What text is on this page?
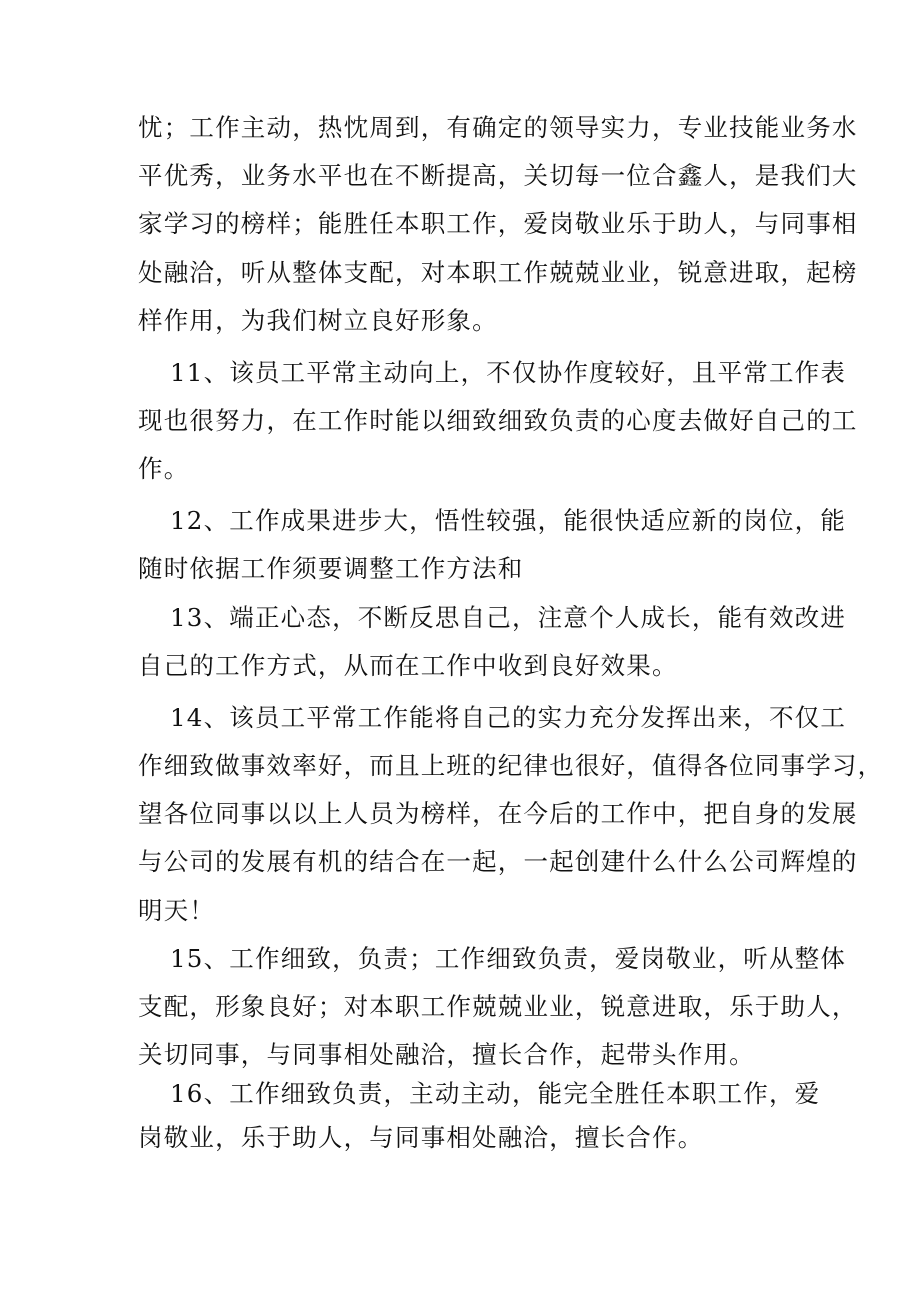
忧；工作主动，热忱周到，有确定的领导实力，专业技能业务水
平优秀，业务水平也在不断提高，关切每一位合鑫人，是我们大
家学习的榜样；能胜任本职工作，爱岗敬业乐于助人，与同事相
处融洽，听从整体支配，对本职工作兢兢业业，锐意进取，起榜
样作用，为我们树立良好形象。
11、该员工平常主动向上，不仅协作度较好，且平常工作表
现也很努力，在工作时能以细致细致负责的心度去做好自己的工
作。
12、工作成果进步大，悟性较强，能很快适应新的岗位，能
随时依据工作须要调整工作方法和
13、端正心态，不断反思自己，注意个人成长，能有效改进
自己的工作方式，从而在工作中收到良好效果。
14、该员工平常工作能将自己的实力充分发挥出来，不仅工
作细致做事效率好，而且上班的纪律也很好，值得各位同事学习，
望各位同事以以上人员为榜样，在今后的工作中，把自身的发展
与公司的发展有机的结合在一起，一起创建什么什么公司辉煌的
明天！
15、工作细致，负责；工作细致负责，爱岗敬业，听从整体
支配，形象良好；对本职工作兢兢业业，锐意进取，乐于助人，
关切同事，与同事相处融洽，擅长合作，起带头作用。
16、工作细致负责，主动主动，能完全胜任本职工作，爱
岗敬业，乐于助人，与同事相处融洽，擅长合作。
